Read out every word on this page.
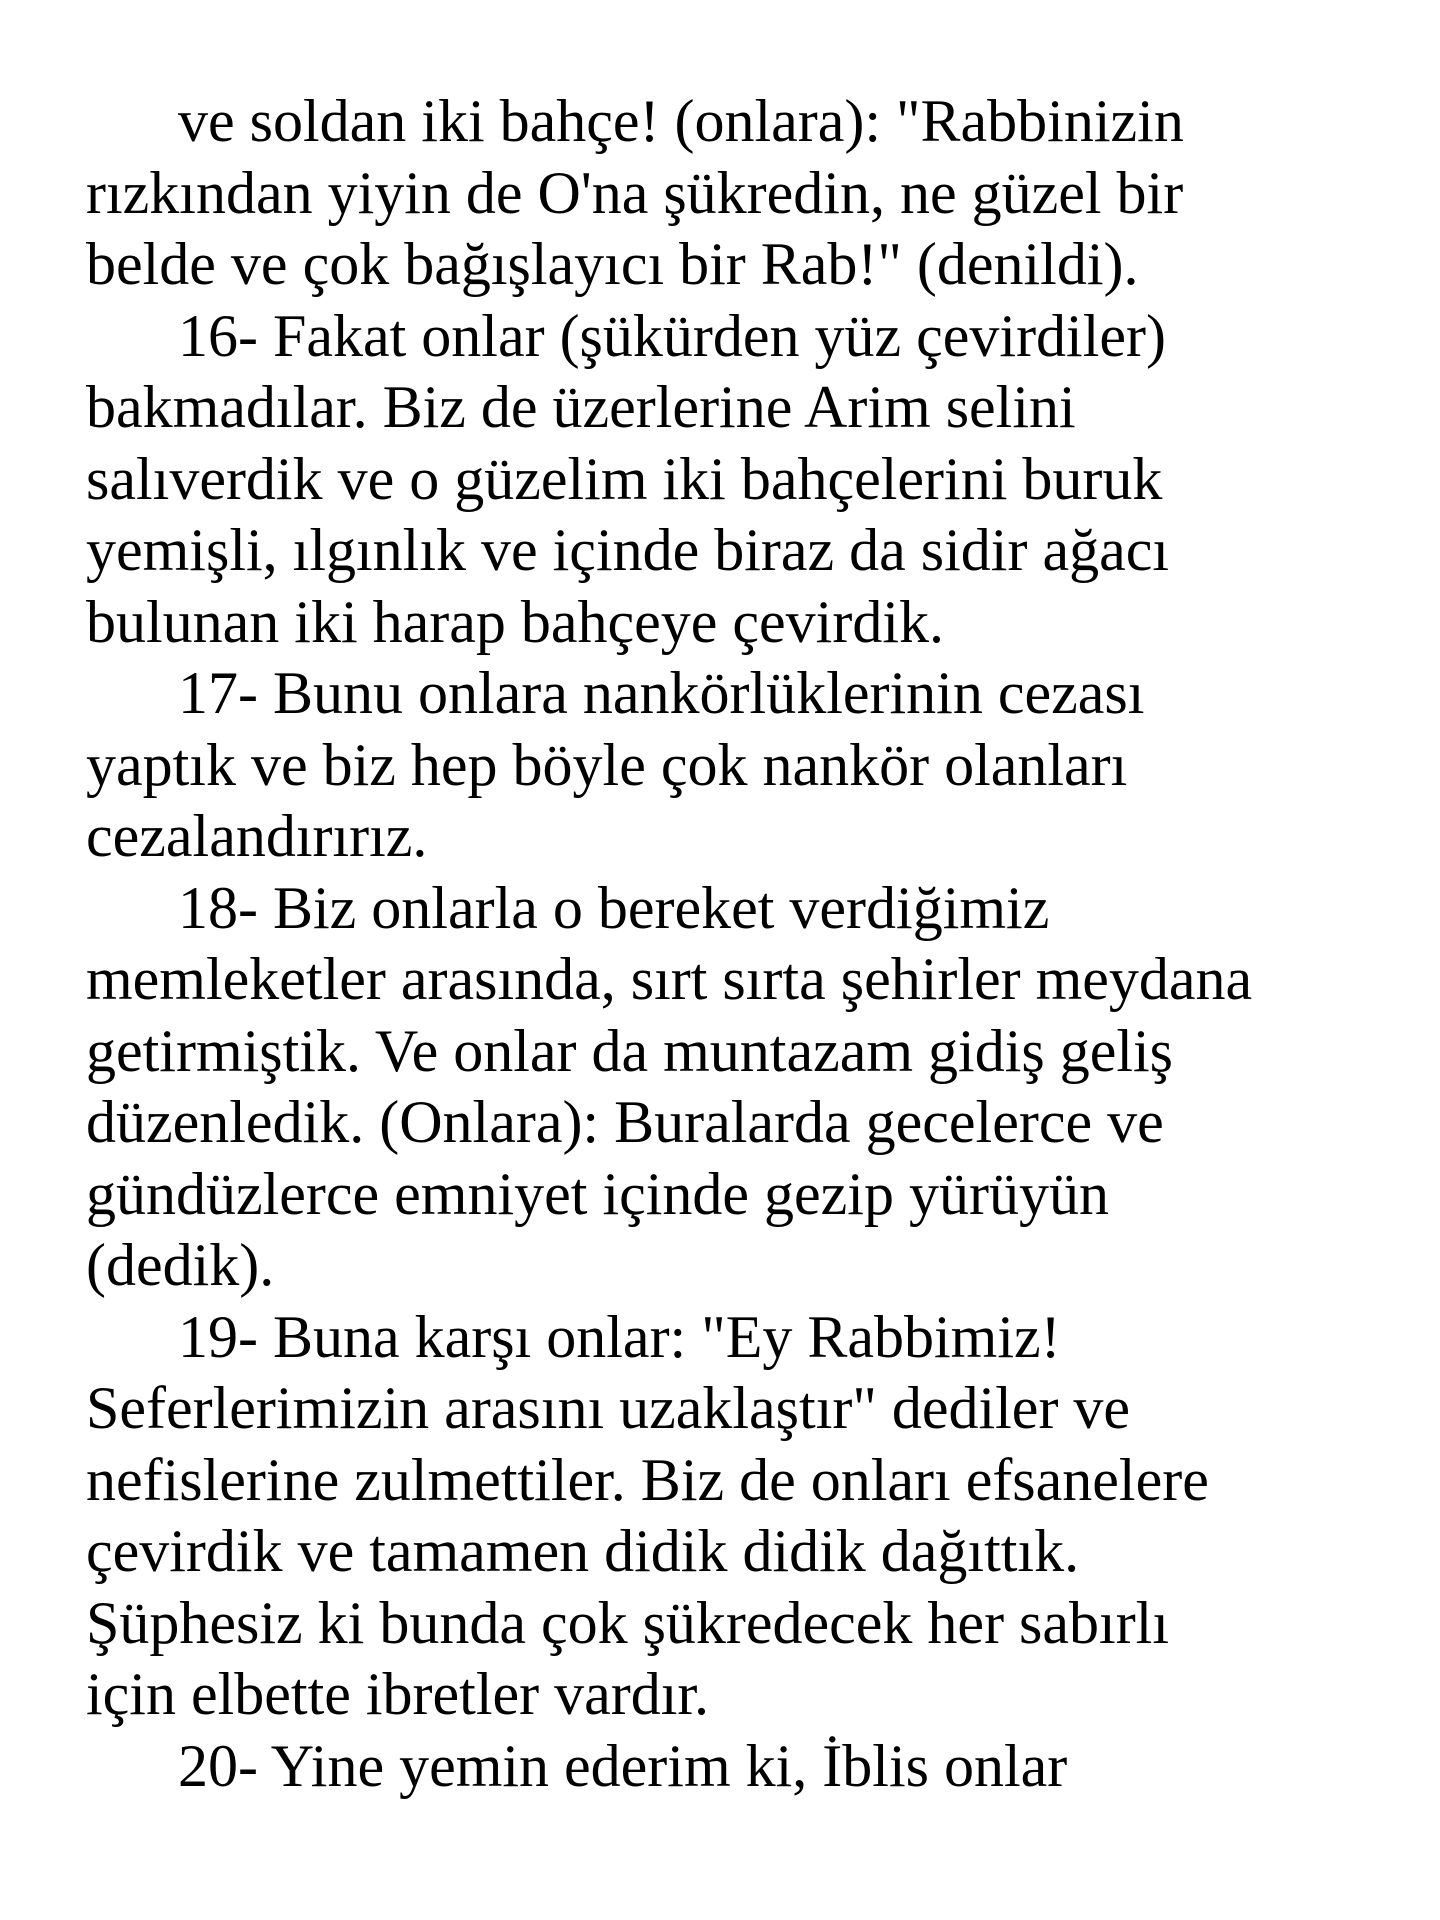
ve soldan iki bahçe! (onlara): "Rabbinizin
rızkından yiyin de O'na şükredin, ne güzel bir
belde ve çok bağışlayıcı bir Rab!" (denildi).
16- Fakat onlar (şükürden yüz çevirdiler)
bakmadılar. Biz de üzerlerine Arim selini
salıverdik ve o güzelim iki bahçelerini buruk
yemişli, ılgınlık ve içinde biraz da sidir ağacı
bulunan iki harap bahçeye çevirdik.
17- Bunu onlara nankörlüklerinin cezası
yaptık ve biz hep böyle çok nankör olanları
cezalandırırız.
18- Biz onlarla o bereket verdiğimiz
memleketler arasında, sırt sırta şehirler meydana
getirmiştik. Ve onlar da muntazam gidiş geliş
düzenledik. (Onlara): Buralarda gecelerce ve
gündüzlerce emniyet içinde gezip yürüyün
(dedik).
19- Buna karşı onlar: "Ey Rabbimiz!
Seferlerimizin arasını uzaklaştır" dediler ve
nefislerine zulmettiler. Biz de onları efsanelere
çevirdik ve tamamen didik didik dağıttık.
Şüphesiz ki bunda çok şükredecek her sabırlı
için elbette ibretler vardır.
20- Yine yemin ederim ki, İblis onlar
